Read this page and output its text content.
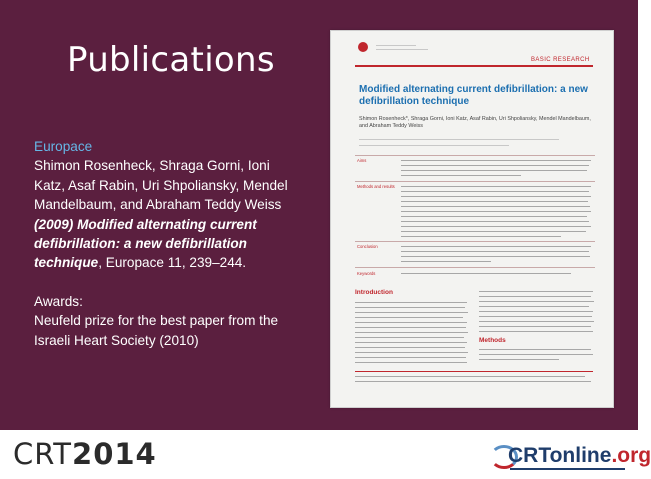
Publications
Europace
Shimon Rosenheck, Shraga Gorni, Ioni Katz, Asaf Rabin, Uri Shpoliansky, Mendel Mandelbaum, and Abraham Teddy Weiss (2009) Modified alternating current defibrillation: a new defibrillation technique, Europace 11, 239–244.
Awards:
Neufeld prize for the best paper from the Israeli Heart Society (2010)
BASIC RESEARCH
Modified alternating current defibrillation: a new defibrillation technique
Shimon Rosenheck*, Shraga Gorni, Ioni Katz, Asaf Rabin, Uri Shpoliansky, Mendel Mandelbaum, and Abraham Teddy Weiss
Aims
Methods and results
Conclusion
Keywords
Introduction
Methods
CRT2014	CRTonline.org
